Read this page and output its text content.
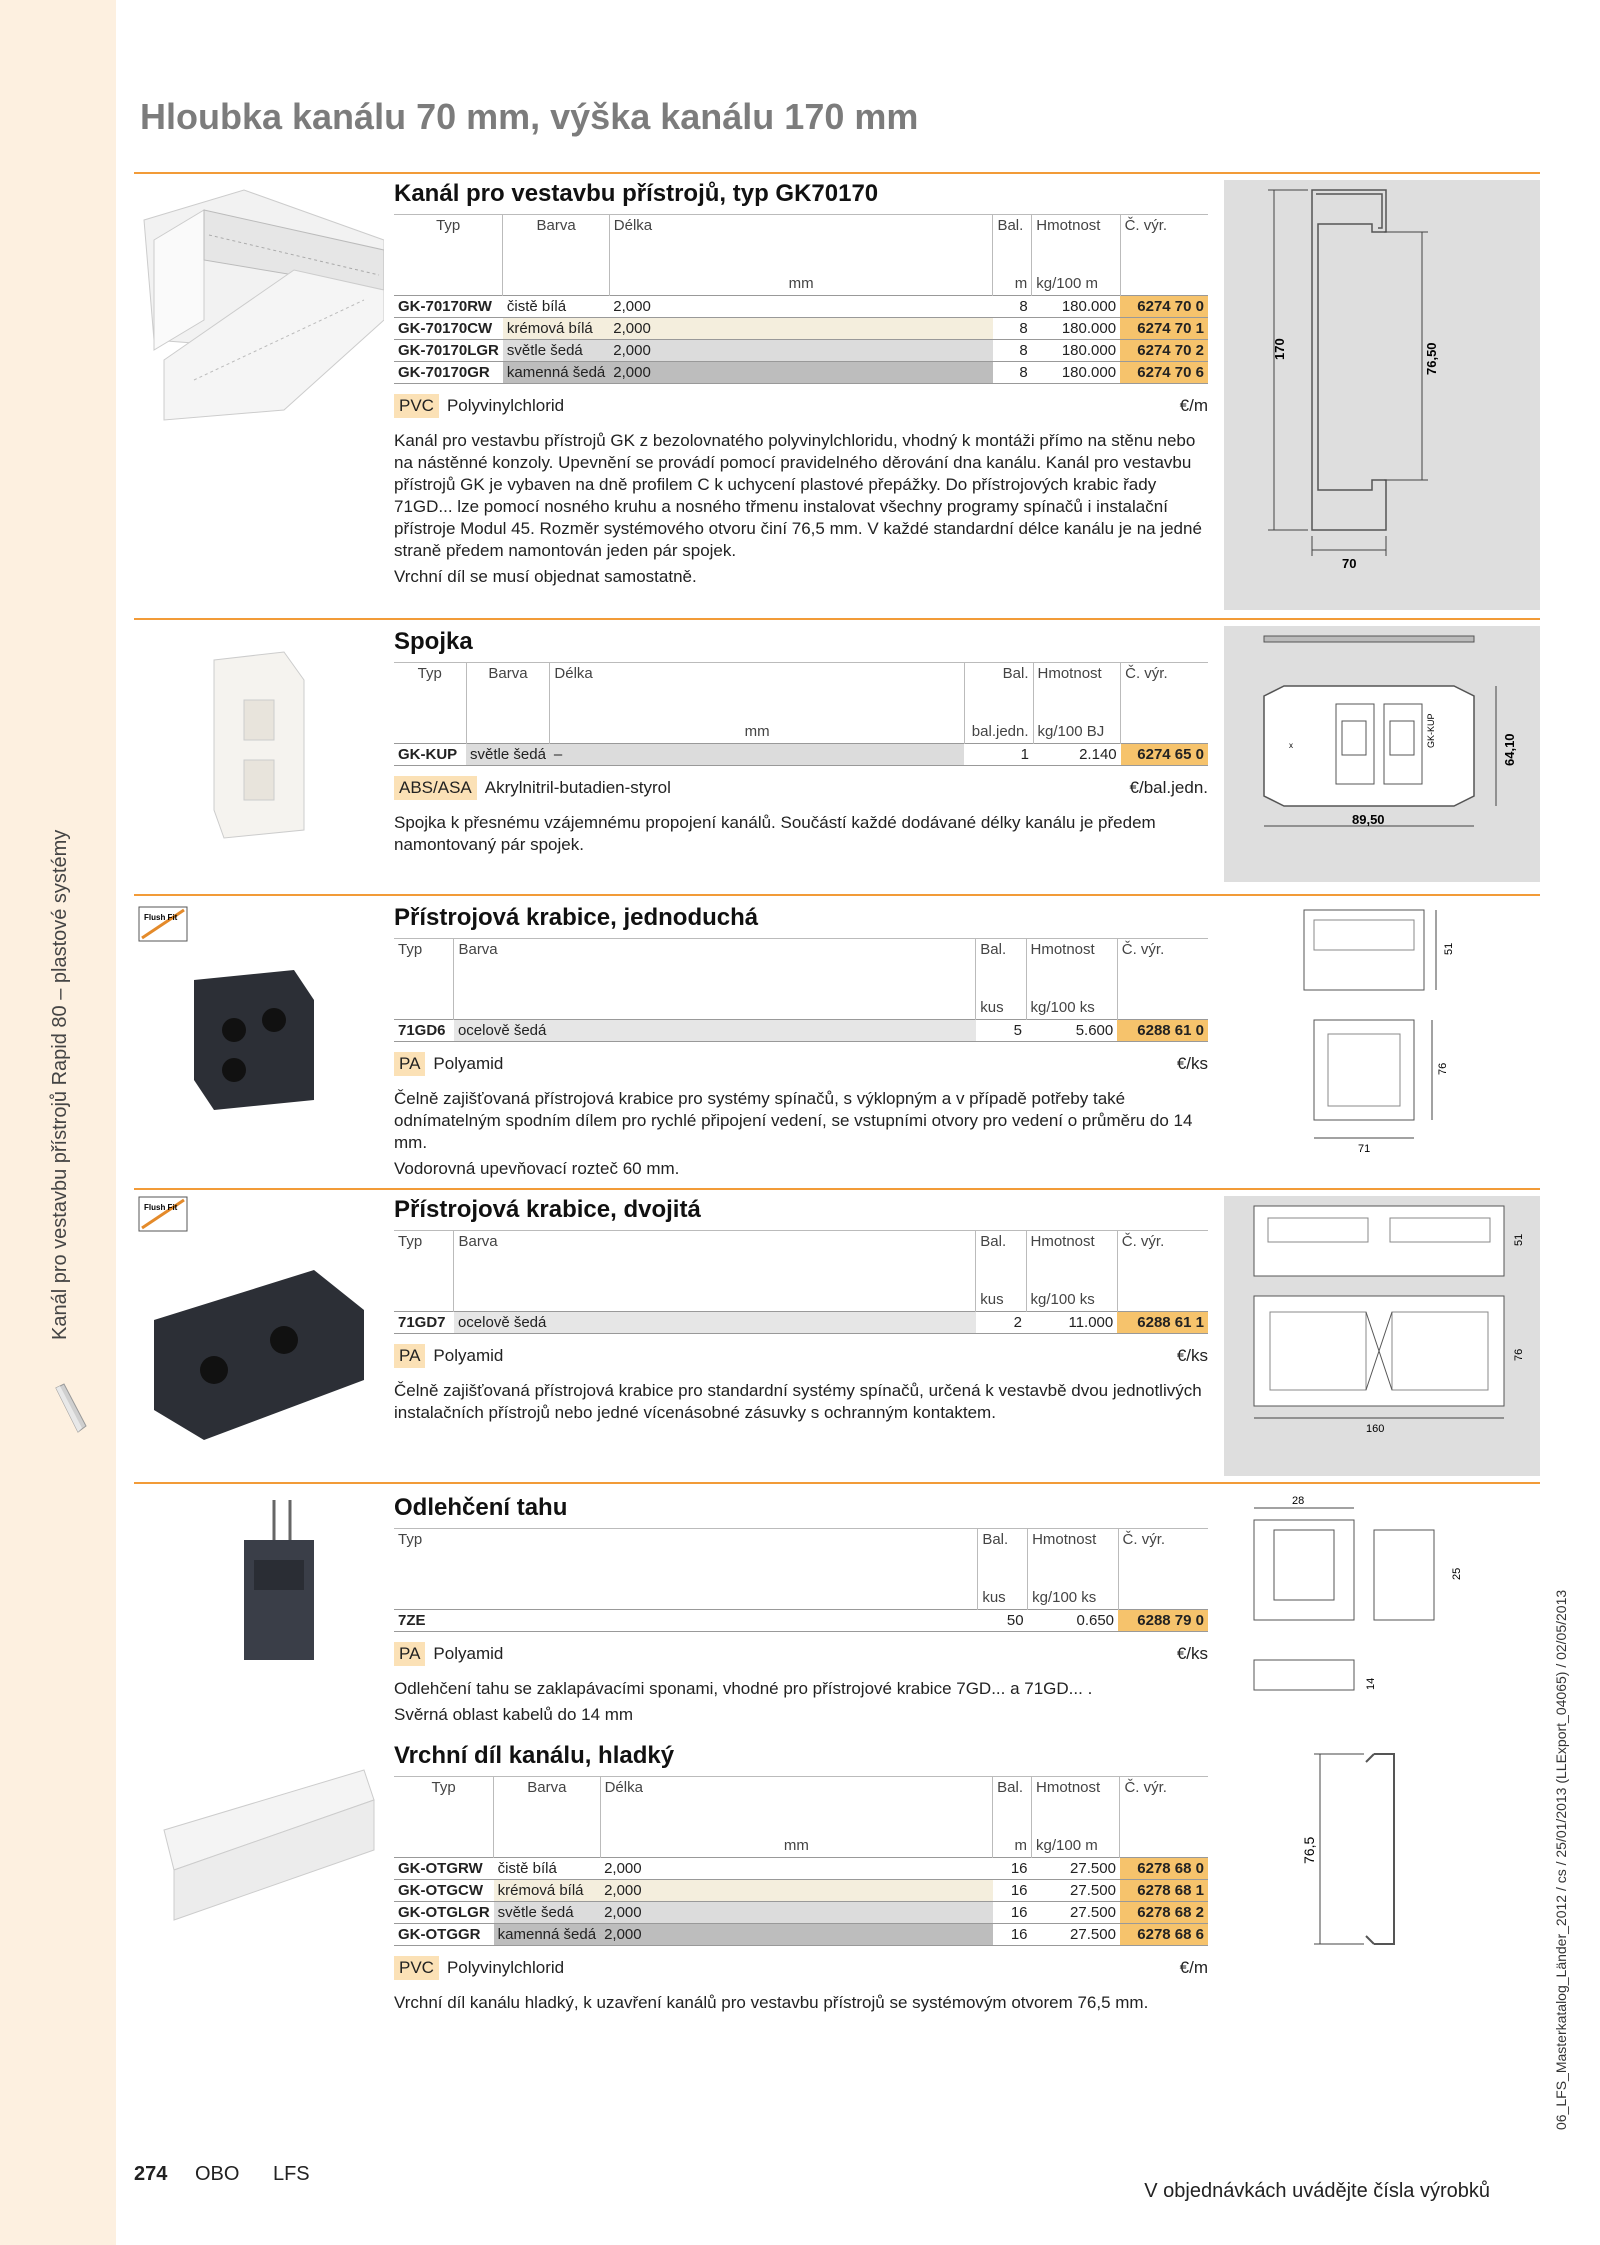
Kanál pro vestavbu přístrojů Rapid 80 – plastové systémy
06_LFS_Masterkatalog_Länder_2012 / cs / 25/01/2013 (LLExport_04065) / 02/05/2013
Hloubka kanálu 70 mm, výška kanálu 170 mm
Kanál pro vestavbu přístrojů, typ GK70170
Typ	Barva	Délka	Bal.	Hmotnost	Č. výr.
		mm	m	kg/100 m	
GK-70170RW	čistě bílá	2,000	8	180.000	6274 70 0
GK-70170CW	krémová bílá	2,000	8	180.000	6274 70 1
GK-70170LGR	světle šedá	2,000	8	180.000	6274 70 2
GK-70170GR	kamenná šedá	2,000	8	180.000	6274 70 6
PVC Polyvinylchlorid	€/m

Kanál pro vestavbu přístrojů GK z bezolovnatého polyvinylchloridu, vhodný k montáži přímo na stěnu nebo na nástěnné konzoly. Upevnění se provádí pomocí pravidelného děrování dna kanálu. Kanál pro vestavbu přístrojů GK je vybaven na dně profilem C k uchycení plastové přepážky. Do přístrojových krabic řady 71GD... lze pomocí nosného kruhu a nosného třmenu instalovat všechny programy spínačů i instalační přístroje Modul 45. Rozměr systémového otvoru činí 76,5 mm. V každé standardní délce kanálu je na jedné straně předem namontován jeden pár spojek.

Vrchní díl se musí objednat samostatně.

170	76,50
70
Spojka
Typ	Barva	Délka	Bal.	Hmotnost	Č. výr.
		mm	bal.jedn.	kg/100 BJ	
GK-KUP	světle šedá	–	1	2.140	6274 65 0
ABS/ASA Akrylnitril-butadien-styrol	€/bal.jedn.

Spojka k přesnému vzájemnému propojení kanálů. Součástí každé dodávané délky kanálu je předem namontovaný pár spojek.

x	GK-KUP
64,10
89,50
Flush Fit	Přístrojová krabice, jednoduchá
Typ	Barva	Bal.	Hmotnost	Č. výr.
		kus	kg/100 ks	
71GD6	ocelově šedá	5	5.600	6288 61 0
PA Polyamid	€/ks

Čelně zajišťovaná přístrojová krabice pro systémy spínačů, s výklopným a v případě potřeby také odnímatelným spodním dílem pro rychlé připojení vedení, se vstupními otvory pro vedení o průměru do 14 mm.

Vodorovná upevňovací rozteč 60 mm.

51
76
71
Flush Fit	Přístrojová krabice, dvojitá
Typ	Barva	Bal.	Hmotnost	Č. výr.
		kus	kg/100 ks	
71GD7	ocelově šedá	2	11.000	6288 61 1
PA Polyamid	€/ks

Čelně zajišťovaná přístrojová krabice pro standardní systémy spínačů, určená k vestavbě dvou jednotlivých instalačních přístrojů nebo jedné vícenásobné zásuvky s ochranným kontaktem.

51
76
160
Odlehčení tahu
Typ	Bal.	Hmotnost	Č. výr.
	kus	kg/100 ks	
7ZE	50	0.650	6288 79 0
PA Polyamid	€/ks

Odlehčení tahu se zaklapávacími sponami, vhodné pro přístrojové krabice 7GD... a 71GD... .

Svěrná oblast kabelů do 14 mm

28
25
14
Vrchní díl kanálu, hladký
Typ	Barva	Délka	Bal.	Hmotnost	Č. výr.
		mm	m	kg/100 m	
GK-OTGRW	čistě bílá	2,000	16	27.500	6278 68 0
GK-OTGCW	krémová bílá	2,000	16	27.500	6278 68 1
GK-OTGLGR	světle šedá	2,000	16	27.500	6278 68 2
GK-OTGGR	kamenná šedá	2,000	16	27.500	6278 68 6
PVC Polyvinylchlorid	€/m

Vrchní díl kanálu hladký, k uzavření kanálů pro vestavbu přístrojů se systémovým otvorem 76,5 mm.

76,5
274 OBO LFS
V objednávkách uvádějte čísla výrobků
